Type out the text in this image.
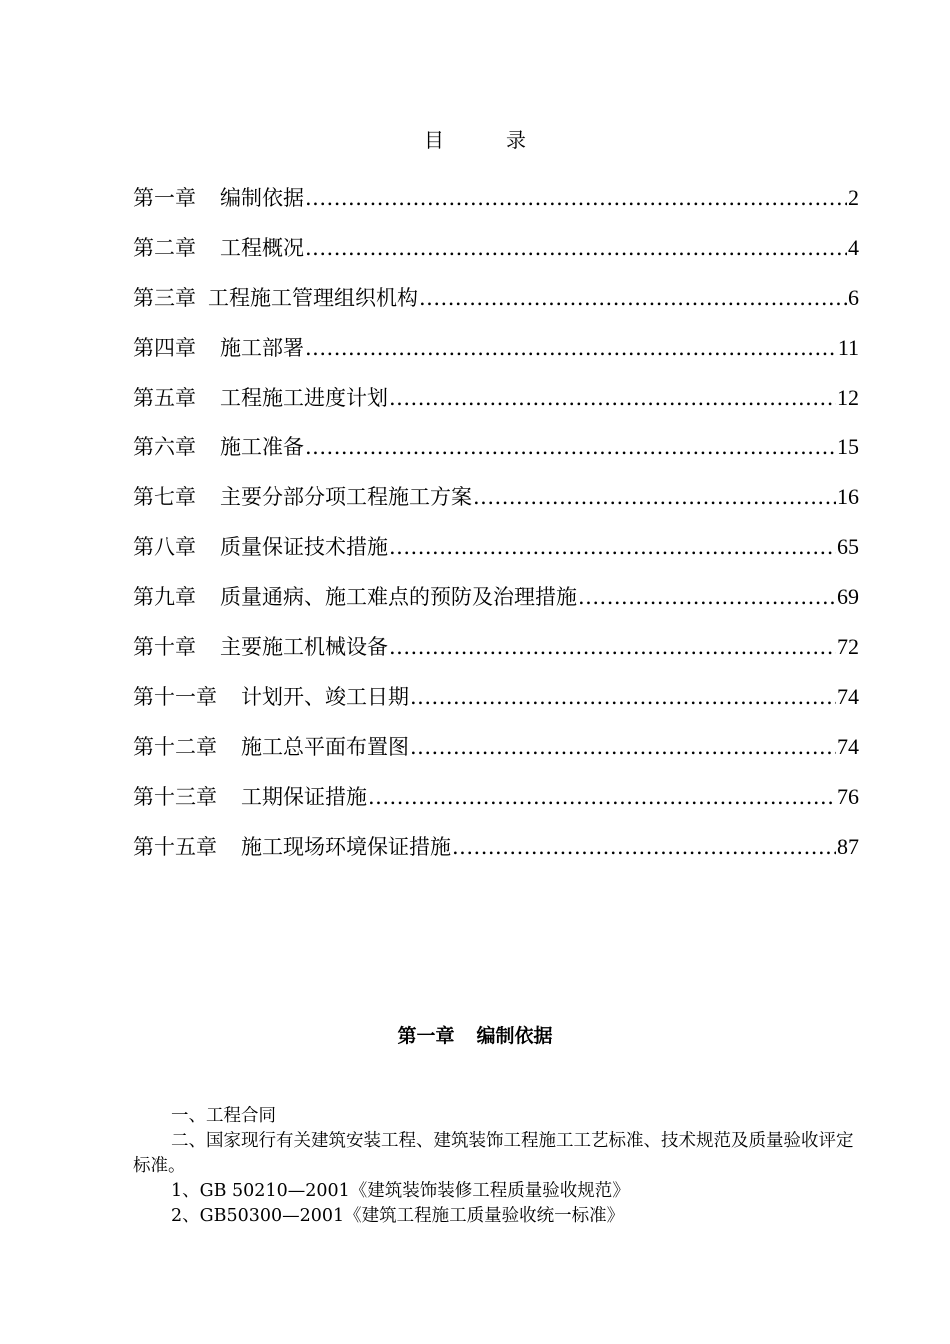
目	录
第一章 编制依据 .....	2
第二章 工程概况 .....	4
第三章 工程施工管理组织机构 .....	6
第四章 施工部署 .....	11
第五章 工程施工进度计划 .....	12
第六章 施工准备 .....	15
第七章 主要分部分项工程施工方案 .....	16
第八章 质量保证技术措施 .....	65
第九章 质量通病、施工难点的预防及治理措施 .....	69
第十章 主要施工机械设备 .....	72
第十一章 计划开、竣工日期 .....	74
第十二章 施工总平面布置图 .....	74
第十三章 工期保证措施 .....	76
第十五章 施工现场环境保证措施 .....	87
第一章 编制依据

一、工程合同

二、国家现行有关建筑安装工程、建筑装饰工程施工工艺标准、技术规范及质量验收评定标准。

1、GB 50210—2001《建筑装饰装修工程质量验收规范》

2、GB50300—2001《建筑工程施工质量验收统一标准》
